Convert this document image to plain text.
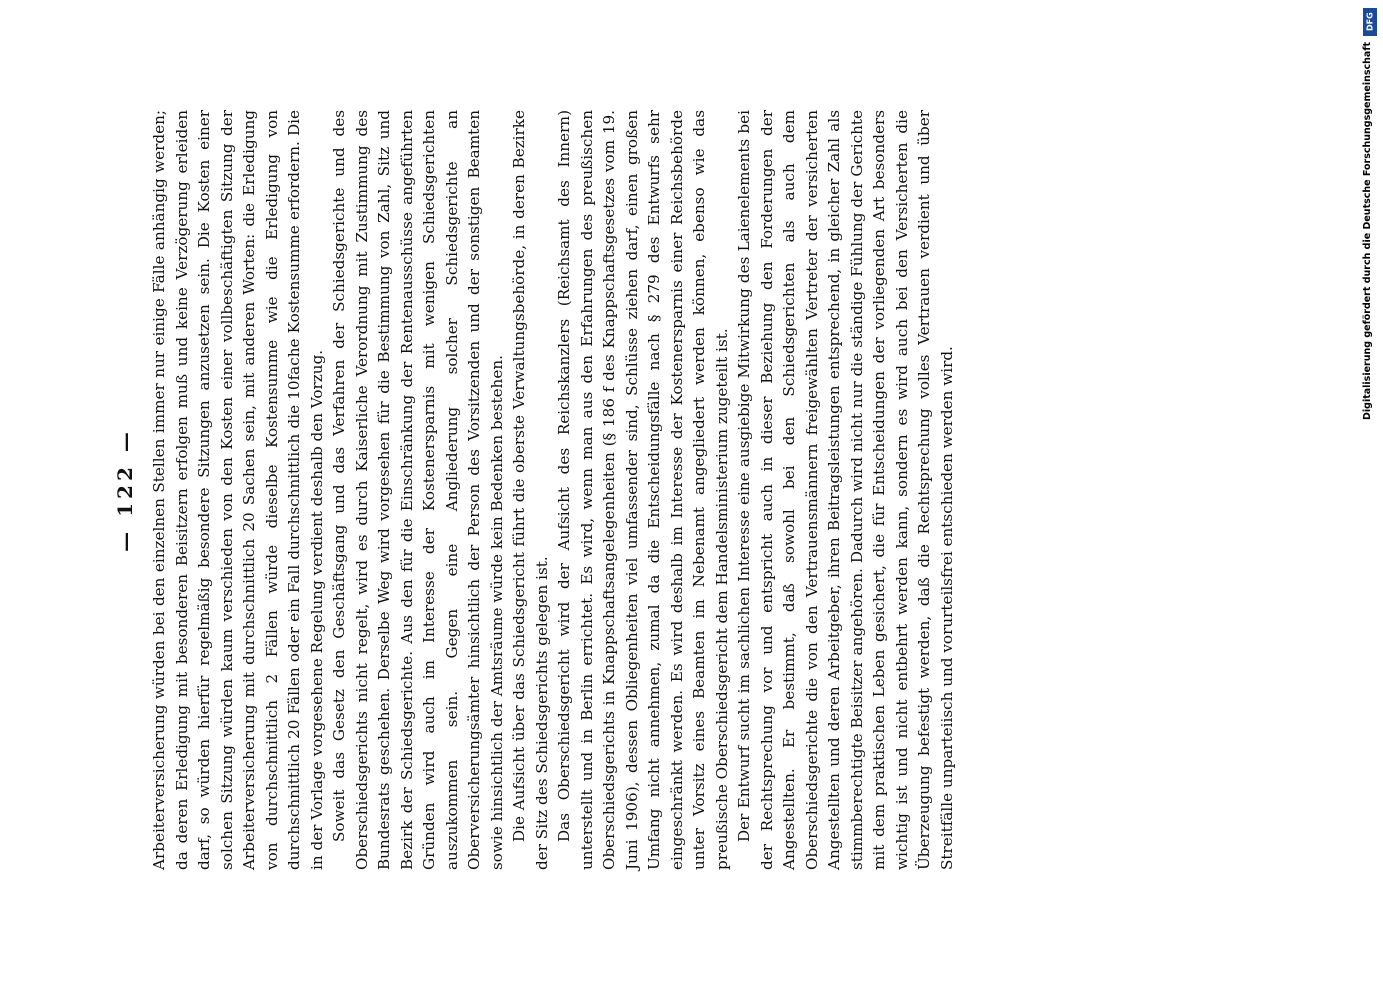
— 122 — Arbeiterversicherung würden bei den einzelnen Stellen immer nur einige Fälle anhängig werden; da deren Erledigung mit besonderen Beisitzern erfolgen muß und keine Verzögerung erleiden darf, so würden hierfür regelmäßig besondere Sitzungen anzusetzen sein. Die Kosten einer solchen Sitzung würden kaum verschieden von den Kosten einer vollbeschäftigten Sitzung der Arbeiterversicherung mit durchschnittlich 20 Sachen sein, mit anderen Worten: die Erledigung von durchschnittlich 2 Fällen würde dieselbe Kostensumme wie die Erledigung von durchschnittlich 20 Fällen oder ein Fall durchschnittlich die 10fache Kostensumme erfordern. Die in der Vorlage vorgesehene Regelung verdient deshalb den Vorzug. Soweit das Gesetz den Geschäftsgang und das Verfahren der Schiedsgerichte und des Oberschiedsgerichts nicht regelt, wird es durch Kaiserliche Verordnung mit Zustimmung des Bundesrats geschehen. Derselbe Weg wird vorgesehen für die Bestimmung von Zahl, Sitz und Bezirk der Schiedsgerichte. Aus den für die Einschränkung der Rentenausschüsse angeführten Gründen wird auch im Interesse der Kostenersparnis mit wenigen Schiedsgerichten auszukommen sein. Gegen eine Angliederung solcher Schiedsgerichte an Oberversicherungsämter hinsichtlich der Person des Vorsitzenden und der sonstigen Beamten sowie hinsichtlich der Amtsräume würde kein Bedenken bestehen. Die Aufsicht über das Schiedsgericht führt die oberste Verwaltungsbehörde, in deren Bezirke der Sitz des Schiedsgerichts gelegen ist. Das Oberschiedsgericht wird der Aufsicht des Reichskanzlers (Reichsamt des Innern) unterstellt und in Berlin errichtet. Es wird, wenn man aus den Erfahrungen des preußischen Oberschiedsgerichts in Knappschaftsangelegenheiten (§ 186 f des Knappschaftsgesetzes vom 19. Juni 1906), dessen Obliegenheiten viel umfassender sind, Schlüsse ziehen darf, einen großen Umfang nicht annehmen, zumal da die Entscheidungsfälle nach § 279 des Entwurfs sehr eingeschränkt werden. Es wird deshalb im Interesse der Kostenersparnis einer Reichsbehörde unter Vorsitz eines Beamten im Nebenamt angegliedert werden können, ebenso wie das preußische Oberschiedsgericht dem Handelsministerium zugeteilt ist. Der Entwurf sucht im sachlichen Interesse eine ausgiebige Mitwirkung des Laienelements bei der Rechtsprechung vor und entspricht auch in dieser Beziehung den Forderungen der Angestellten. Er bestimmt, daß sowohl bei den Schiedsgerichten als auch dem Oberschiedsgerichte die von den Vertrauensmännern freigewählten Vertreter der versicherten Angestellten und deren Arbeitgeber, ihren Beitragsleistungen entsprechend, in gleicher Zahl als stimmberechtigte Beisitzer angehören. Dadurch wird nicht nur die ständige Fühlung der Gerichte mit dem praktischen Leben gesichert, die für Entscheidungen der vorliegenden Art besonders wichtig ist und nicht entbehrt werden kann, sondern es wird auch bei den Versicherten die Überzeugung befestigt werden, daß die Rechtsprechung volles Vertrauen verdient und über Streitfälle unparteiisch und vorurteilsfrei entschieden werden wird.

DFG
Digitalisierung gefördert durch die Deutsche Forschungsgemeinschaft
